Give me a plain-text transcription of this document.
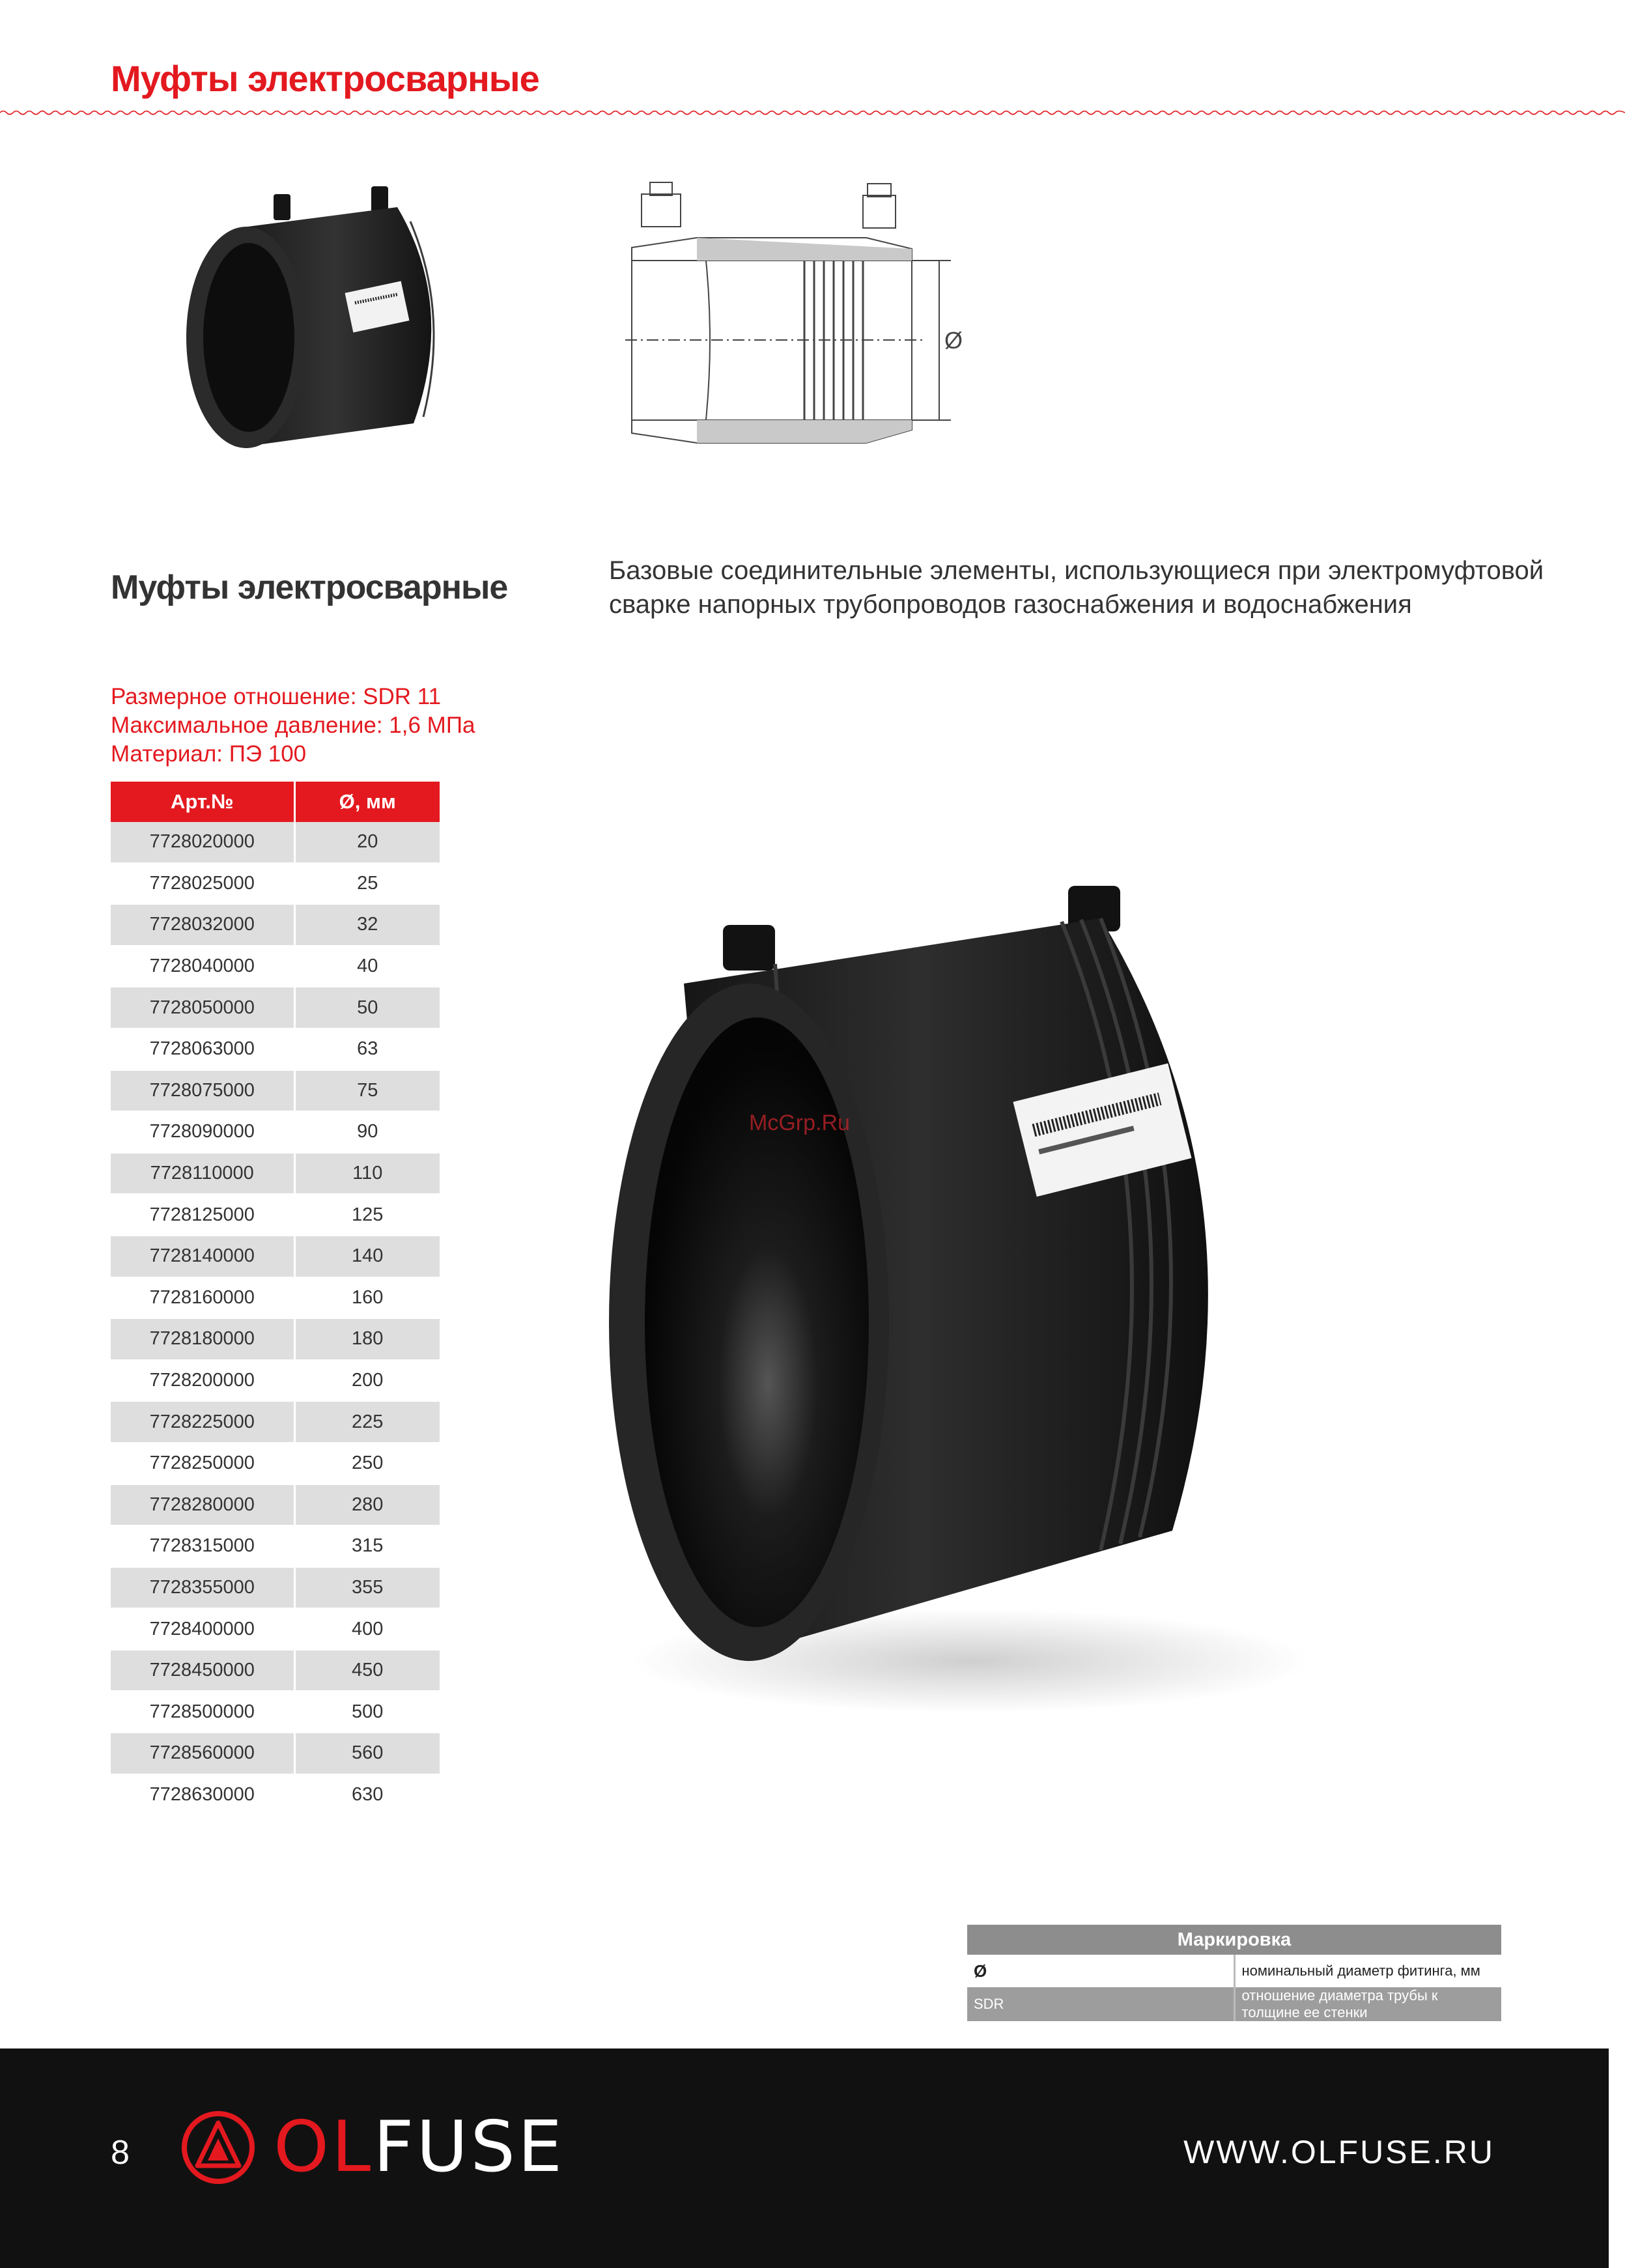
Муфты электросварные
Ø
Муфты электросварные	Базовые соединительные элементы, использующиеся при электромуфтовой
сварке напорных трубопроводов газоснабжения и водоснабжения

Размерное отношение: SDR 11
Максимальное давление: 1,6 МПа
Материал: ПЭ 100
Арт.№	Ø, мм
7728020000	20
7728025000	25
7728032000	32
7728040000	40
7728050000	50
7728063000	63
7728075000	75
7728090000	90
7728110000	110
7728125000	125
7728140000	140
7728160000	160
7728180000	180
7728200000	200
7728225000	225
7728250000	250
7728280000	280
7728315000	315
7728355000	355
7728400000	400
7728450000	450
7728500000	500
7728560000	560
7728630000	630
McGrp.Ru
Маркировка	
Ø	номинальный диаметр фитинга, мм
SDR	отношение диаметра трубы к толщине ее стенки
8 OLFUSE	WWW.OLFUSE.RU
